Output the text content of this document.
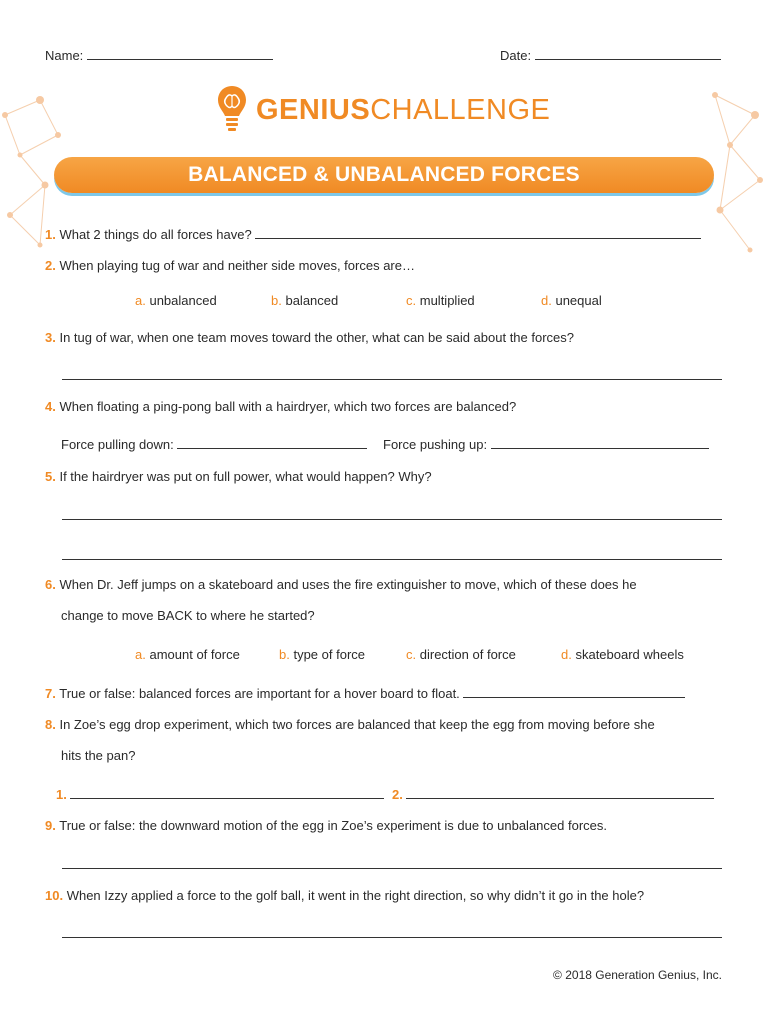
Name:	Date:
GENIUSCHALLENGE
BALANCED & UNBALANCED FORCES
1. What 2 things do all forces have?
2. When playing tug of war and neither side moves, forces are…
a. unbalanced	b. balanced	c. multiplied	d. unequal
3. In tug of war, when one team moves toward the other, what can be said about the forces?
4. When floating a ping-pong ball with a hairdryer, which two forces are balanced?
Force pulling down:	Force pushing up:
5. If the hairdryer was put on full power, what would happen? Why?
6. When Dr. Jeff jumps on a skateboard and uses the fire extinguisher to move, which of these does he
change to move BACK to where he started?
a. amount of force	b. type of force	c. direction of force	d. skateboard wheels
7. True or false: balanced forces are important for a hover board to float.
8. In Zoe’s egg drop experiment, which two forces are balanced that keep the egg from moving before she
hits the pan?
1.	2.
9. True or false: the downward motion of the egg in Zoe’s experiment is due to unbalanced forces.
10. When Izzy applied a force to the golf ball, it went in the right direction, so why didn’t it go in the hole?
© 2018 Generation Genius, Inc.
